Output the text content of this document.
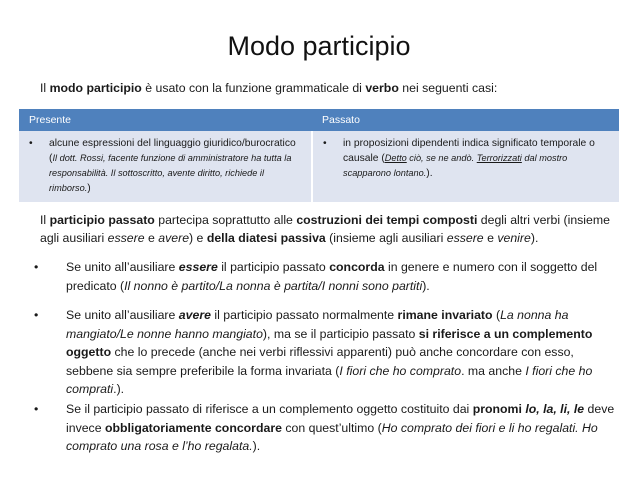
Modo participio
Il modo participio è usato con la funzione grammaticale di verbo nei seguenti casi:
Presente	Passato

• alcune espressioni del linguaggio giuridico/burocratico (Il dott. Rossi, facente funzione di amministratore ha tutta la responsabilità. Il sottoscritto, avente diritto, richiede il rimborso.)	• in proposizioni dipendenti indica significato temporale o causale (Detto ciò, se ne andò. Terrorizzati dal mostro scapparono lontano.).
Il participio passato partecipa soprattutto alle costruzioni dei tempi composti degli altri verbi (insieme agli ausiliari essere e avere) e della diatesi passiva (insieme agli ausiliari essere e venire).
•	Se unito all’ausiliare essere il participio passato concorda in genere e numero con il soggetto del predicato (Il nonno è partito/La nonna è partita/I nonni sono partiti).
•	Se unito all’ausiliare avere il participio passato normalmente rimane invariato (La nonna ha mangiato/Le nonne hanno mangiato), ma se il participio passato si riferisce a un complemento oggetto che lo precede (anche nei verbi riflessivi apparenti) può anche concordare con esso, sebbene sia sempre preferibile la forma invariata (I fiori che ho comprato. ma anche I fiori che ho comprati.).
•	Se il participio passato di riferisce a un complemento oggetto costituito dai pronomi lo, la, li, le deve invece obbligatoriamente concordare con quest’ultimo (Ho comprato dei fiori e li ho regalati. Ho comprato una rosa e l’ho regalata.).
